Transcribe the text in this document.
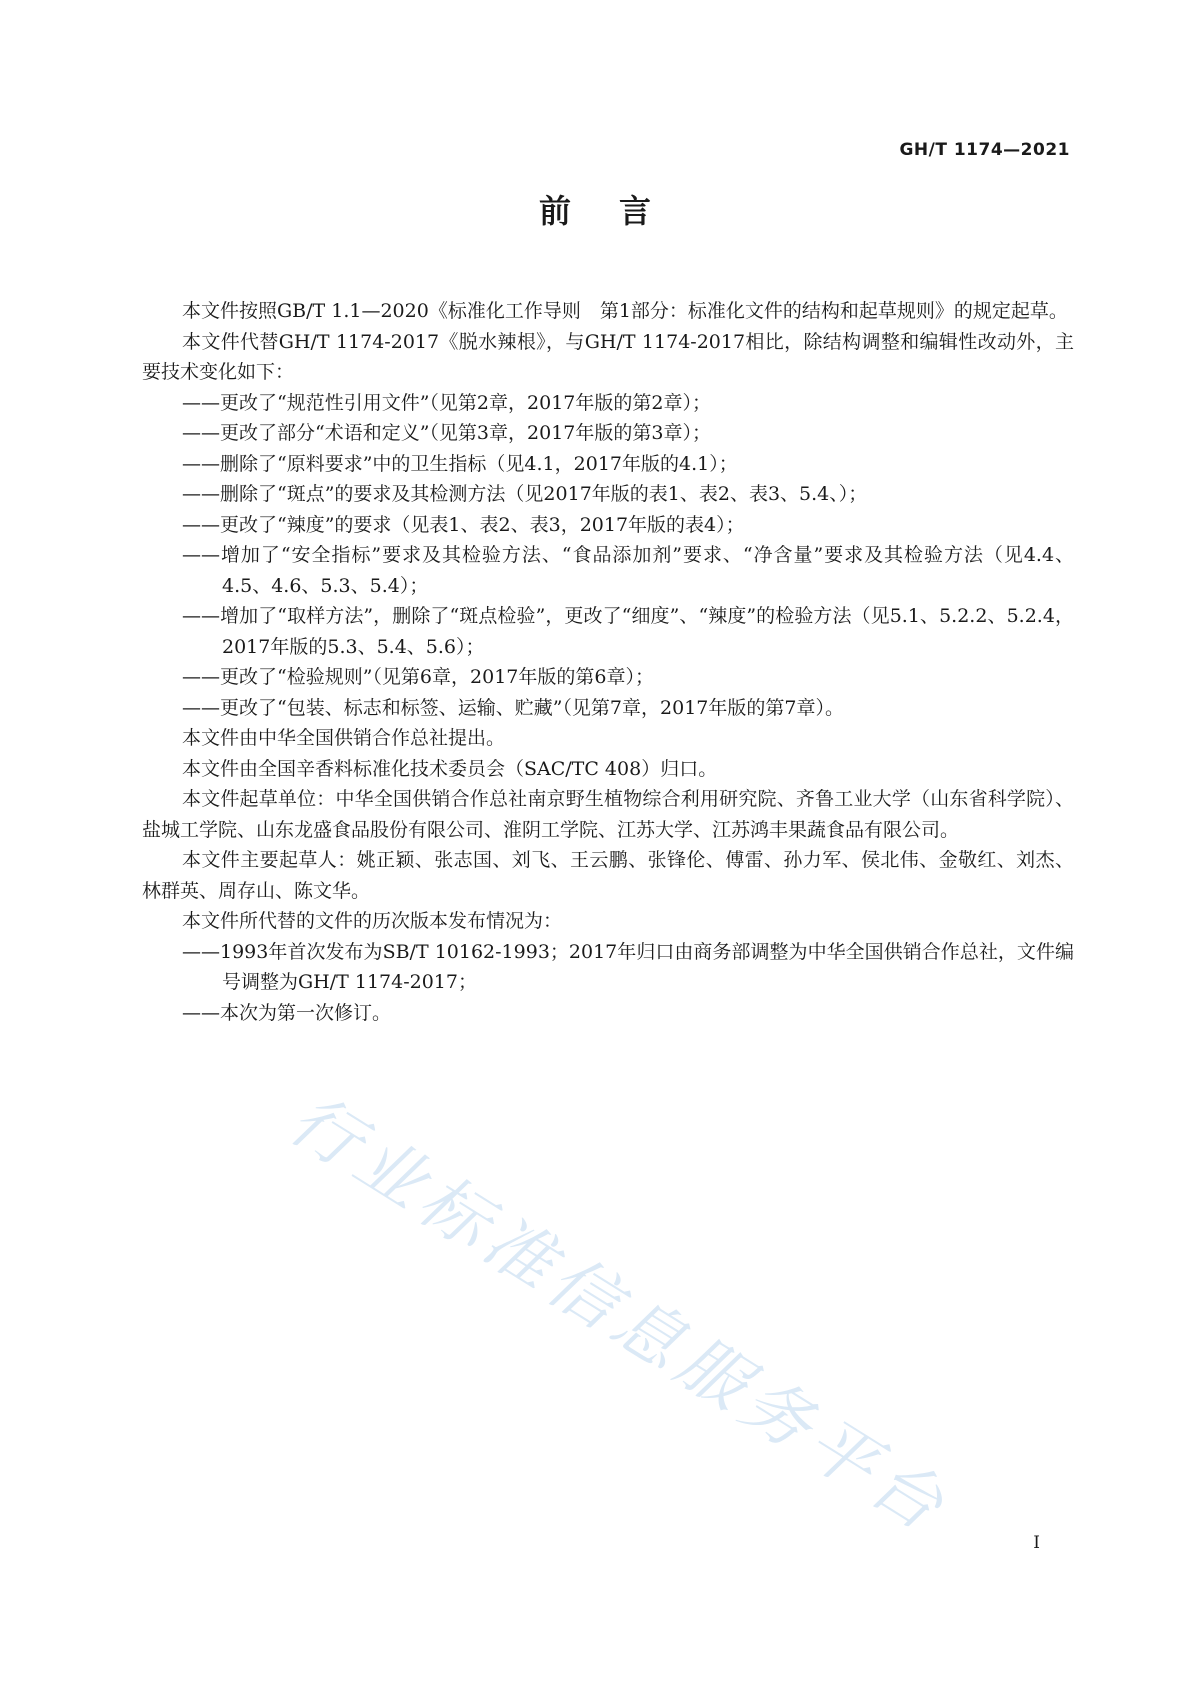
GH/T 1174—2021
前言

本文件按照GB/T 1.1—2020《标准化工作导则　第1部分：标准化文件的结构和起草规则》的规定起草。

本文件代替GH/T 1174-2017《脱水辣根》，与GH/T 1174-2017相比，除结构调整和编辑性改动外，主要技术变化如下：

——更改了“规范性引用文件”（见第2章，2017年版的第2章）；

——更改了部分“术语和定义”（见第3章，2017年版的第3章）；

——删除了“原料要求”中的卫生指标（见4.1，2017年版的4.1）；

——删除了“斑点”的要求及其检测方法（见2017年版的表1、表2、表3、5.4、）；

——更改了“辣度”的要求（见表1、表2、表3，2017年版的表4）；

——增加了“安全指标”要求及其检验方法、“食品添加剂”要求、“净含量”要求及其检验方法（见4.4、4.5、4.6、5.3、5.4）；

——增加了“取样方法”，删除了“斑点检验”，更改了“细度”、“辣度”的检验方法（见5.1、5.2.2、5.2.4，2017年版的5.3、5.4、5.6）；

——更改了“检验规则”（见第6章，2017年版的第6章）；

——更改了“包装、标志和标签、运输、贮藏”（见第7章，2017年版的第7章）。

本文件由中华全国供销合作总社提出。

本文件由全国辛香料标准化技术委员会（SAC/TC 408）归口。

本文件起草单位：中华全国供销合作总社南京野生植物综合利用研究院、齐鲁工业大学（山东省科学院）、盐城工学院、山东龙盛食品股份有限公司、淮阴工学院、江苏大学、江苏鸿丰果蔬食品有限公司。

本文件主要起草人：姚正颖、张志国、刘飞、王云鹏、张锋伦、傅雷、孙力军、侯北伟、金敬红、刘杰、林群英、周存山、陈文华。

本文件所代替的文件的历次版本发布情况为：

——1993年首次发布为SB/T 10162-1993；2017年归口由商务部调整为中华全国供销合作总社，文件编号调整为GH/T 1174-2017；

——本次为第一次修订。

行业标准信息服务平台	I
